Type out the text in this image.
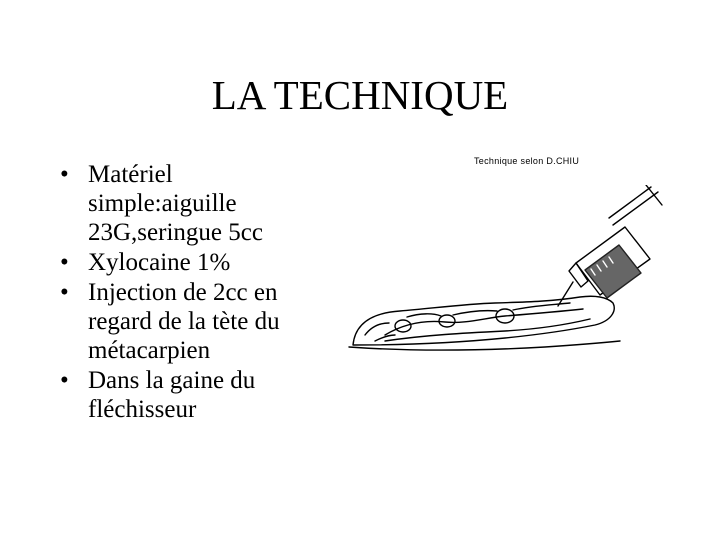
LA TECHNIQUE
• Matériel simple:aiguille 23G,seringue 5cc
• Xylocaine 1%
• Injection de 2cc en regard de la tète du métacarpien
• Dans la gaine du fléchisseur
Technique selon D.CHIU
